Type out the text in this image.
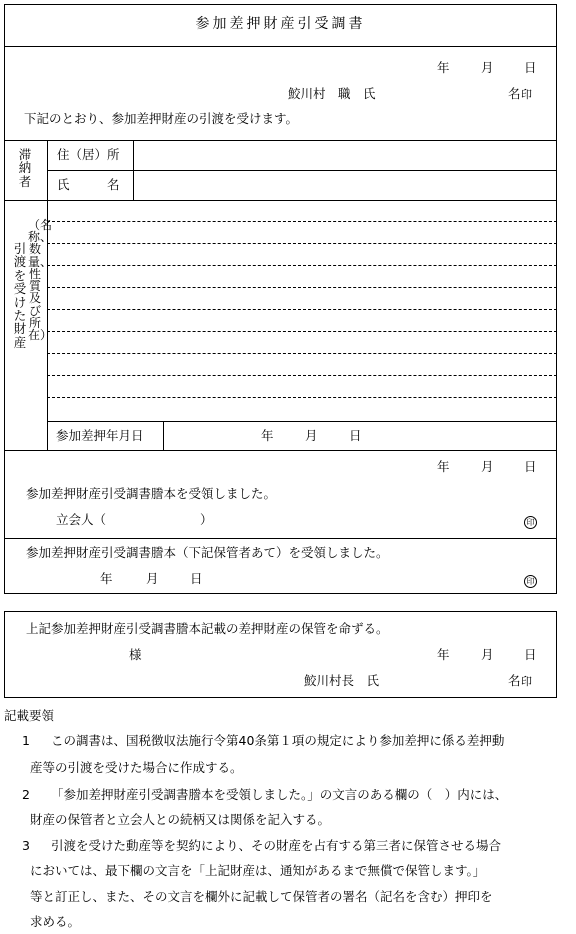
参加差押財産引受調書
年	月 日
鮫川村　職　氏	名 印
下記のとおり、参加差押財産の引渡を受けます。
滞納者
住（居）所
氏　　　名
引渡を受けた財産
（名称、数量、性質及び所在）
参加差押年月日	年	月	日
年	月 日
参加差押財産引受調書謄本を受領しました。
立会人（	）	印
参加差押財産引受調書謄本（下記保管者あて）を受領しました。
年	月	日	印
上記参加差押財産引受調書謄本記載の差押財産の保管を命ずる。
様	年	月 日
鮫川村長　氏	名 印
記載要領
1 この調書は、国税徴収法施行令第40条第１項の規定により参加差押に係る差押動
産等の引渡を受けた場合に作成する。
2 「参加差押財産引受調書謄本を受領しました。」の文言のある欄の（　）内には、
財産の保管者と立会人との続柄又は関係を記入する。
3 引渡を受けた動産等を契約により、その財産を占有する第三者に保管させる場合
においては、最下欄の文言を「上記財産は、通知があるまで無償で保管します。」
等と訂正し、また、その文言を欄外に記載して保管者の署名（記名を含む）押印を
求める。
